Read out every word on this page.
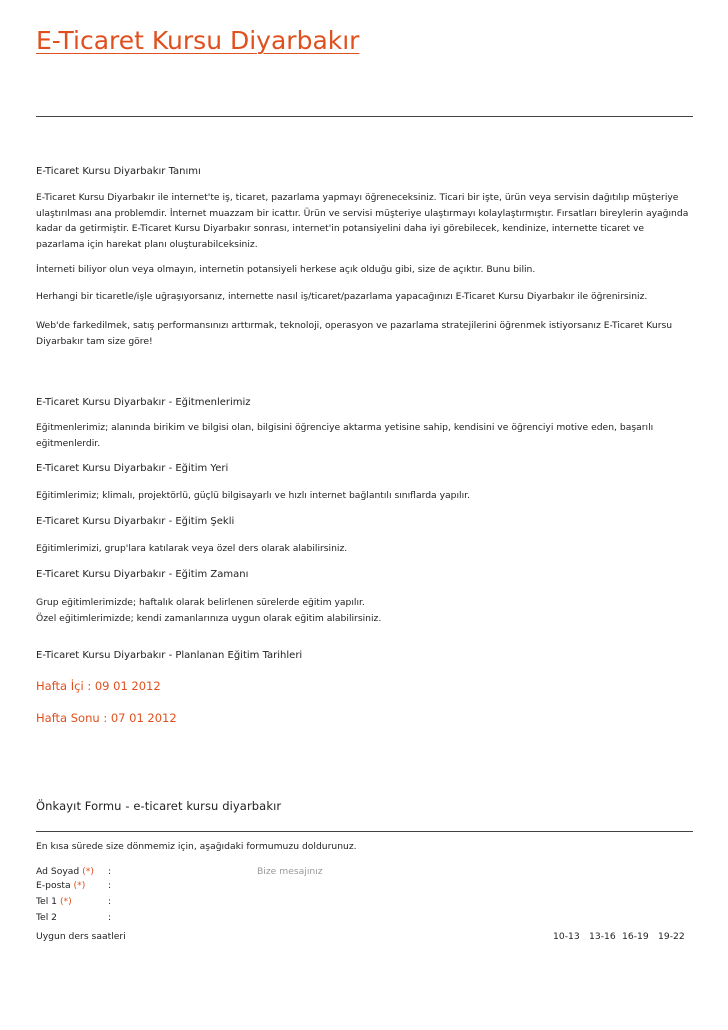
E-Ticaret Kursu Diyarbakır
E-Ticaret Kursu Diyarbakır Tanımı

E-Ticaret Kursu Diyarbakır ile internet'te iş, ticaret, pazarlama yapmayı öğreneceksiniz. Ticari bir işte, ürün veya servisin dağıtılıp müşteriye

ulaştırılması ana problemdir. İnternet muazzam bir icattır. Ürün ve servisi müşteriye ulaştırmayı kolaylaştırmıştır. Fırsatları bireylerin ayağında

kadar da getirmiştir. E-Ticaret Kursu Diyarbakır sonrası, internet'in potansiyelini daha iyi görebilecek, kendinize, internette ticaret ve

pazarlama için harekat planı oluşturabilceksiniz.

İnterneti biliyor olun veya olmayın, internetin potansiyeli herkese açık olduğu gibi, size de açıktır. Bunu bilin.
Herhangi bir ticaretle/işle uğraşıyorsanız, internette nasıl iş/ticaret/pazarlama yapacağınızı E-Ticaret Kursu Diyarbakır ile öğrenirsiniz.

Web'de farkedilmek, satış performansınızı arttırmak, teknoloji, operasyon ve pazarlama stratejilerini öğrenmek istiyorsanız E-Ticaret Kursu

Diyarbakır tam size göre!

E-Ticaret Kursu Diyarbakır - Eğitmenlerimiz

Eğitmenlerimiz; alanında birikim ve bilgisi olan, bilgisini öğrenciye aktarma yetisine sahip, kendisini ve öğrenciyi motive eden, başarılı

eğitmenlerdir.

E-Ticaret Kursu Diyarbakır - Eğitim Yeri
Eğitimlerimiz; klimalı, projektörlü, güçlü bilgisayarlı ve hızlı internet bağlantılı sınıflarda yapılır.
E-Ticaret Kursu Diyarbakır - Eğitim Şekli
Eğitimlerimizi, grup'lara katılarak veya özel ders olarak alabilirsiniz.
E-Ticaret Kursu Diyarbakır - Eğitim Zamanı

Grup eğitimlerimizde; haftalık olarak belirlenen sürelerde eğitim yapılır.

Özel eğitimlerimizde; kendi zamanlarınıza uygun olarak eğitim alabilirsiniz.

E-Ticaret Kursu Diyarbakır - Planlanan Eğitim Tarihleri
Hafta İçi : 09 01 2012
Hafta Sonu : 07 01 2012
Önkayıt Formu - e-ticaret kursu diyarbakır
En kısa sürede size dönmemiz için, aşağıdaki formumuzu doldurunuz.
Ad Soyad (*) :	Bize mesajınız
E-posta (*) :
Tel 1 (*)	:
Tel 2	:
Uygun ders saatleri	10-13 13-16 16-19 19-22
